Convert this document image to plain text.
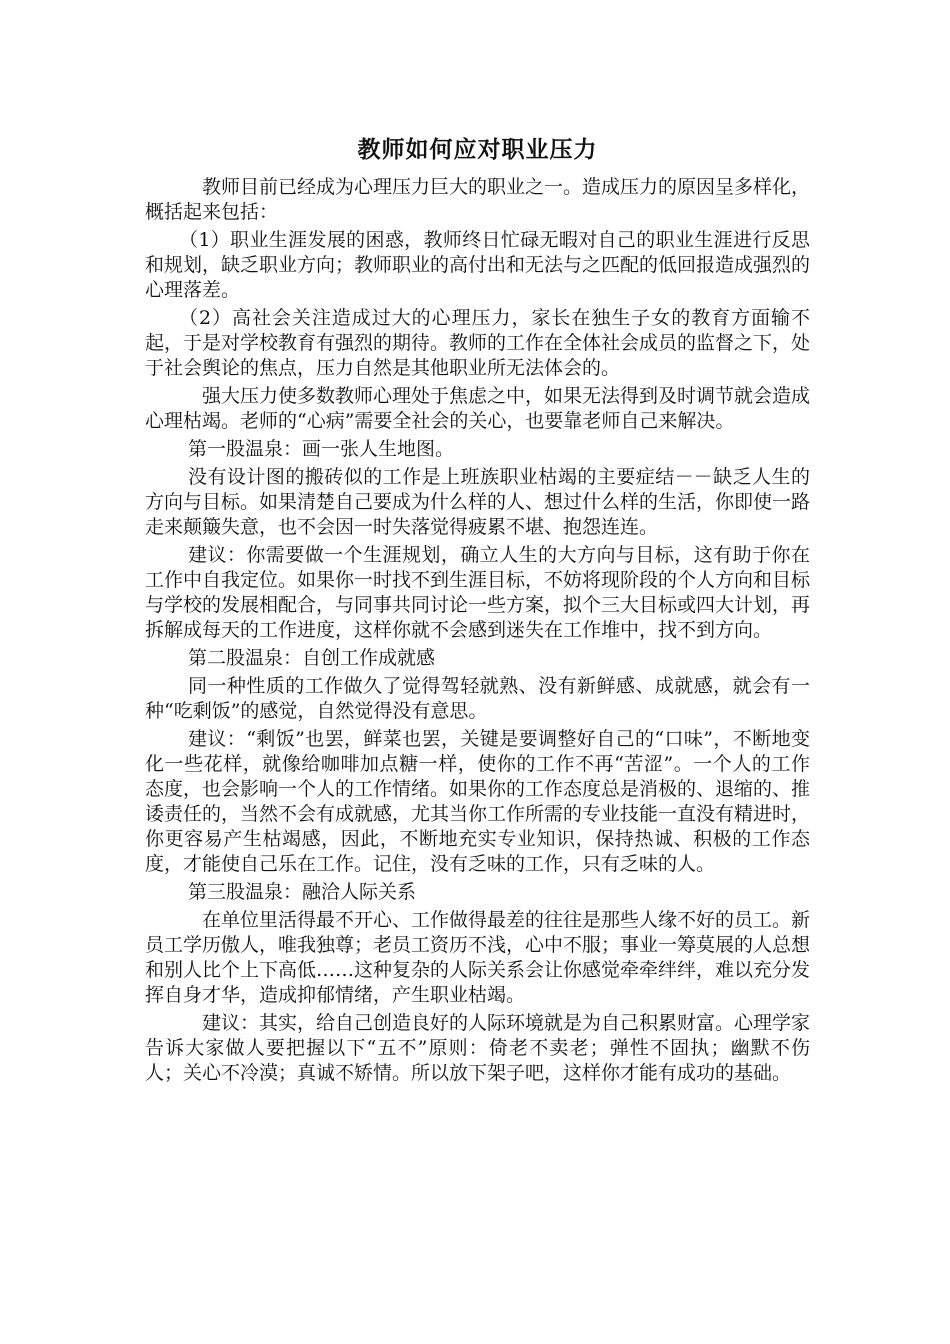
教师如何应对职业压力

教师目前已经成为心理压力巨大的职业之一。造成压力的原因呈多样化，概括起来包括：

（1）职业生涯发展的困惑，教师终日忙碌无暇对自己的职业生涯进行反思和规划，缺乏职业方向；教师职业的高付出和无法与之匹配的低回报造成强烈的心理落差。

（2）高社会关注造成过大的心理压力，家长在独生子女的教育方面输不起，于是对学校教育有强烈的期待。教师的工作在全体社会成员的监督之下，处于社会舆论的焦点，压力自然是其他职业所无法体会的。

强大压力使多数教师心理处于焦虑之中，如果无法得到及时调节就会造成心理枯竭。老师的“心病”需要全社会的关心，也要靠老师自己来解决。

第一股温泉：画一张人生地图。

没有设计图的搬砖似的工作是上班族职业枯竭的主要症结－－缺乏人生的方向与目标。如果清楚自己要成为什么样的人、想过什么样的生活，你即使一路走来颠簸失意，也不会因一时失落觉得疲累不堪、抱怨连连。

建议：你需要做一个生涯规划，确立人生的大方向与目标，这有助于你在工作中自我定位。如果你一时找不到生涯目标，不妨将现阶段的个人方向和目标与学校的发展相配合，与同事共同讨论一些方案，拟个三大目标或四大计划，再拆解成每天的工作进度，这样你就不会感到迷失在工作堆中，找不到方向。

第二股温泉：自创工作成就感

同一种性质的工作做久了觉得驾轻就熟、没有新鲜感、成就感，就会有一种“吃剩饭”的感觉，自然觉得没有意思。

建议：“剩饭”也罢，鲜菜也罢，关键是要调整好自己的“口味”，不断地变化一些花样，就像给咖啡加点糖一样，使你的工作不再“苦涩”。一个人的工作态度，也会影响一个人的工作情绪。如果你的工作态度总是消极的、退缩的、推诿责任的，当然不会有成就感，尤其当你工作所需的专业技能一直没有精进时，你更容易产生枯竭感，因此，不断地充实专业知识，保持热诚、积极的工作态度，才能使自己乐在工作。记住，没有乏味的工作，只有乏味的人。

第三股温泉：融洽人际关系

在单位里活得最不开心、工作做得最差的往往是那些人缘不好的员工。新员工学历傲人，唯我独尊；老员工资历不浅，心中不服；事业一筹莫展的人总想和别人比个上下高低……这种复杂的人际关系会让你感觉牵牵绊绊，难以充分发挥自身才华，造成抑郁情绪，产生职业枯竭。

建议：其实，给自己创造良好的人际环境就是为自己积累财富。心理学家告诉大家做人要把握以下“五不”原则：倚老不卖老；弹性不固执；幽默不伤人；关心不冷漠；真诚不矫情。所以放下架子吧，这样你才能有成功的基础。
